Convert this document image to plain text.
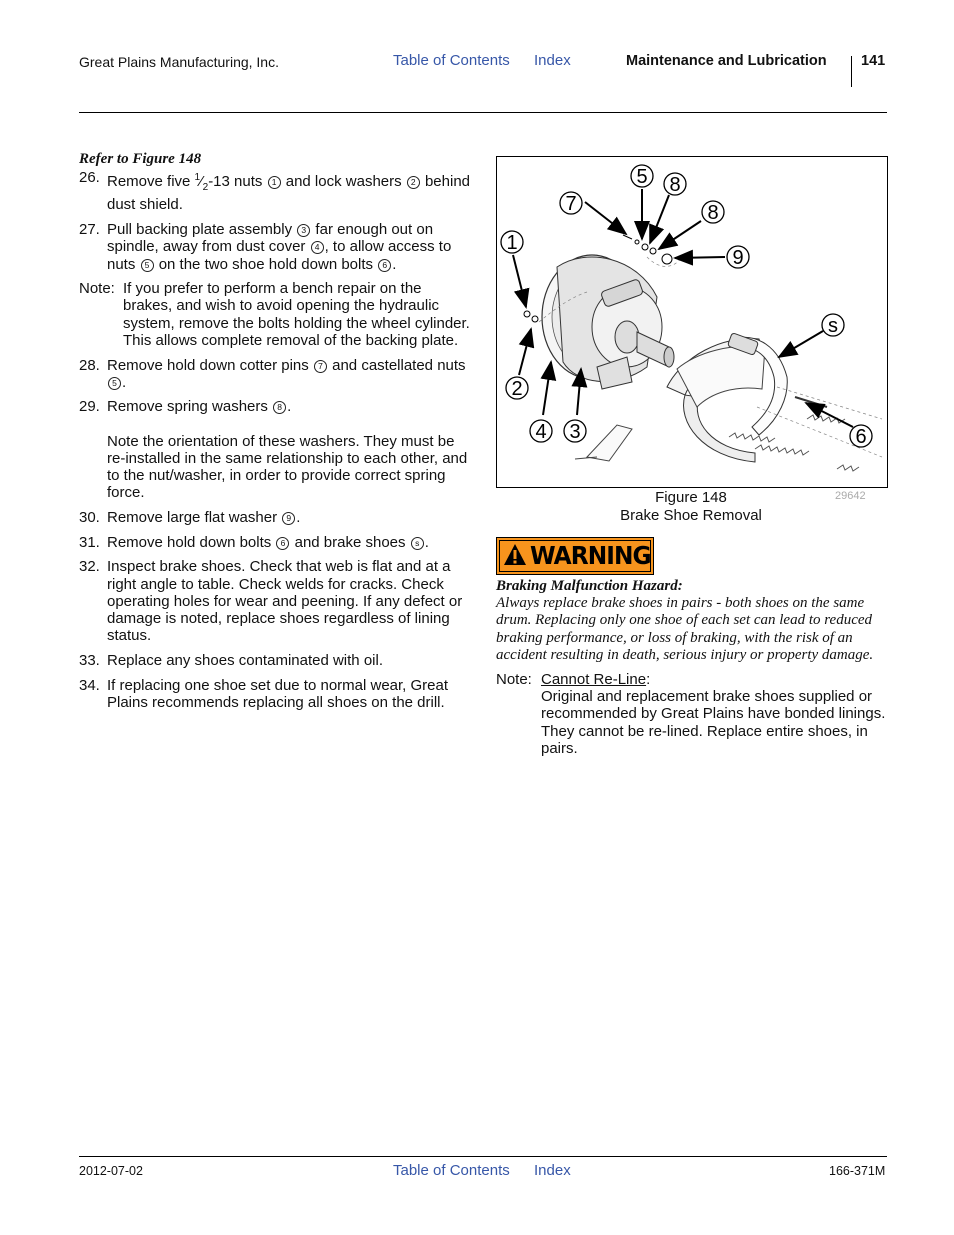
Great Plains Manufacturing, Inc.	Table of Contents Index	Maintenance and Lubrication 141
Refer to Figure 148
26. Remove five $^1⁄_2-13$ nuts 1 and lock washers 2 behind dust shield.
27. Pull backing plate assembly 3 far enough out on spindle, away from dust cover 4 , to allow access to nuts 5 on the two shoe hold down bolts 6 .
Note: If you prefer to perform a bench repair on the brakes, and wish to avoid opening the hydraulic system, remove the bolts holding the wheel cylinder. This allows complete removal of the backing plate.
28. Remove hold down cotter pins 7 and castellated nuts 5 .
29. Remove spring washers 8 .
Note the orientation of these washers. They must be re-installed in the same relationship to each other, and to the nut/washer, in order to provide correct spring force.
30. Remove large flat washer 9 .
31. Remove hold down bolts 6 and brake shoes s .
32. Inspect brake shoes. Check that web is flat and at a right angle to table. Check welds for cracks. Check operating holes for wear and peening. If any defect or damage is noted, replace shoes regardless of lining status.
33. Replace any shoes contaminated with oil.
34. If replacing one shoe set due to normal wear, Great Plains recommends replacing all shoes on the drill.
5 8
7	8
1
9
s
2
4 3	6
29642
Figure 148
Brake Shoe Removal
WARNING
Braking Malfunction Hazard:
Always replace brake shoes in pairs - both shoes on the same drum. Replacing only one shoe of each set can lead to reduced braking performance, or loss of braking, with the risk of an accident resulting in death, serious injury or property damage.
Note: Cannot Re-Line:
Original and replacement brake shoes supplied or recommended by Great Plains have bonded linings. They cannot be re-lined. Replace entire shoes, in pairs.
2012-07-02	Table of Contents Index	166-371M
